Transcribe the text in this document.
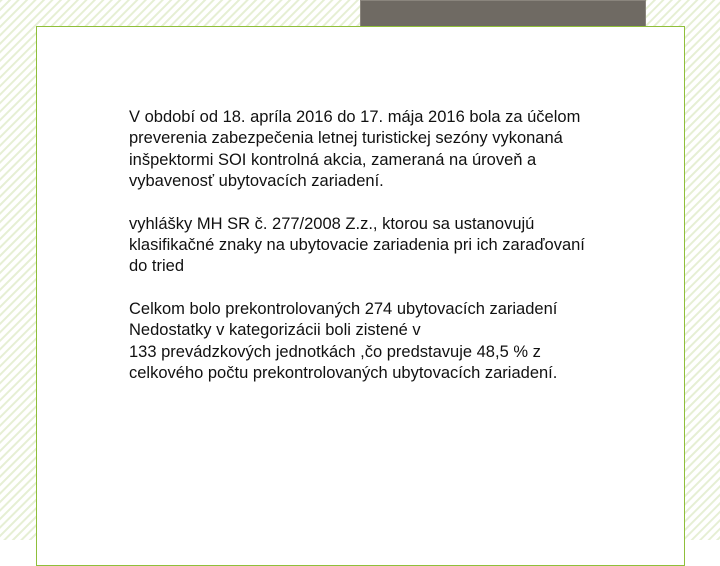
V období od 18. apríla 2016 do 17. mája 2016 bola za účelom
preverenia zabezpečenia letnej turistickej sezóny vykonaná
inšpektormi SOI kontrolná akcia, zameraná na úroveň a
vybavenosť ubytovacích zariadení.
vyhlášky MH SR č. 277/2008 Z.z., ktorou sa ustanovujú
klasifikačné znaky na ubytovacie zariadenia pri ich zaraďovaní
do tried
Celkom bolo prekontrolovaných 274 ubytovacích zariadení
Nedostatky v kategorizácii boli zistené v
133 prevádzkových jednotkách ,čo predstavuje 48,5 % z
celkového počtu prekontrolovaných ubytovacích zariadení.
